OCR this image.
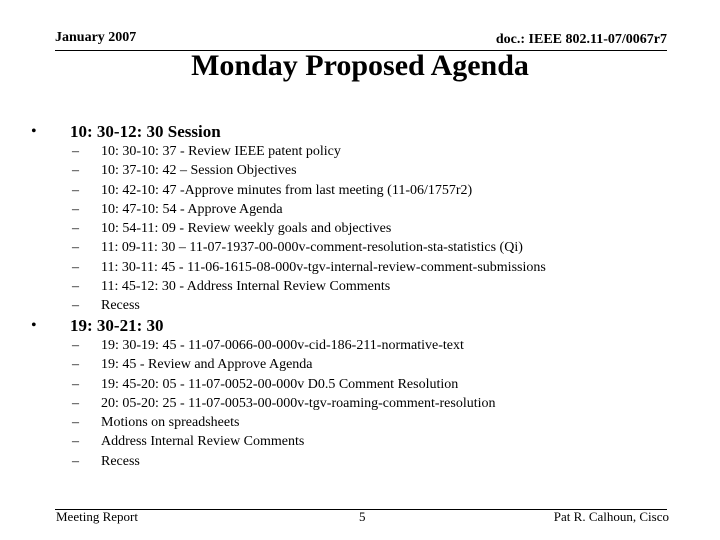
January 2007	doc.: IEEE 802.11-07/0067r7
Monday Proposed Agenda
• 10: 30-12: 30 Session
– 10: 30-10: 37 - Review IEEE patent policy
– 10: 37-10: 42 – Session Objectives
– 10: 42-10: 47 -Approve minutes from last meeting (11-06/1757r2)
– 10: 47-10: 54 - Approve Agenda
– 10: 54-11: 09 - Review weekly goals and objectives
– 11: 09-11: 30 – 11-07-1937-00-000v-comment-resolution-sta-statistics (Qi)
– 11: 30-11: 45 - 11-06-1615-08-000v-tgv-internal-review-comment-submissions
– 11: 45-12: 30 - Address Internal Review Comments
– Recess
• 19: 30-21: 30
– 19: 30-19: 45 - 11-07-0066-00-000v-cid-186-211-normative-text
– 19: 45 - Review and Approve Agenda
– 19: 45-20: 05 - 11-07-0052-00-000v D0.5 Comment Resolution
– 20: 05-20: 25 - 11-07-0053-00-000v-tgv-roaming-comment-resolution
– Motions on spreadsheets
– Address Internal Review Comments
– Recess
Meeting Report	5	Pat R. Calhoun, Cisco
